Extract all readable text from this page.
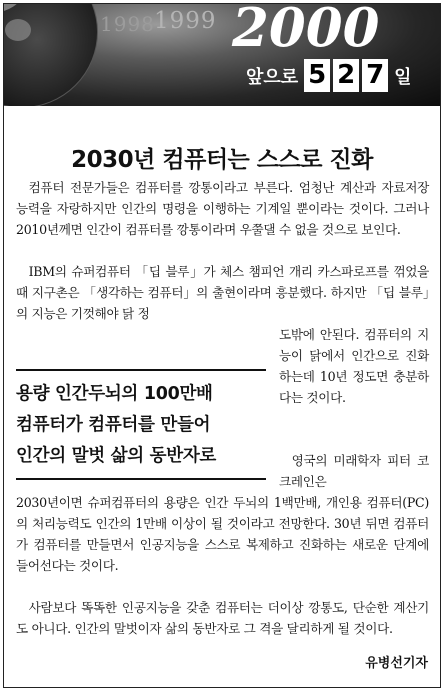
1998 1999 2000
앞으로 5 2 7 일
2030년 컴퓨터는 스스로 진화
컴퓨터 전문가들은 컴퓨터를 깡통이라고 부른다. 엄청난 계산과 자료저장 능력을 자랑하지만 인간의 명령을 이행하는 기계일 뿐이라는 것이다. 그러나 2010년께면 인간이 컴퓨터를 깡통이라며 우쭐댈 수 없을 것으로 보인다.
IBM의 슈퍼컴퓨터 「딥 블루」가 체스 챔피언 개리 카스파로프를 꺾었을 때 지구촌은 「생각하는 컴퓨터」의 출현이라며 흥분했다. 하지만 「딥 블루」의 지능은 기껏해야 닭 정
도밖에 안된다. 컴퓨터의 지능이 닭에서 인간으로 진화하는데 10년 정도면 충분하다는 것이다.
영국의 미래학자 피터 코크레인은
용량 인간두뇌의 100만배
컴퓨터가 컴퓨터를 만들어
인간의 말벗 삶의 동반자로
2030년이면 슈퍼컴퓨터의 용량은 인간 두뇌의 1백만배, 개인용 컴퓨터(PC)의 처리능력도 인간의 1만배 이상이 될 것이라고 전망한다. 30년 뒤면 컴퓨터가 컴퓨터를 만들면서 인공지능을 스스로 복제하고 진화하는 새로운 단계에 들어선다는 것이다.
사람보다 똑똑한 인공지능을 갖춘 컴퓨터는 더이상 깡통도, 단순한 계산기도 아니다. 인간의 말벗이자 삶의 동반자로 그 격을 달리하게 될 것이다.
유병선기자
